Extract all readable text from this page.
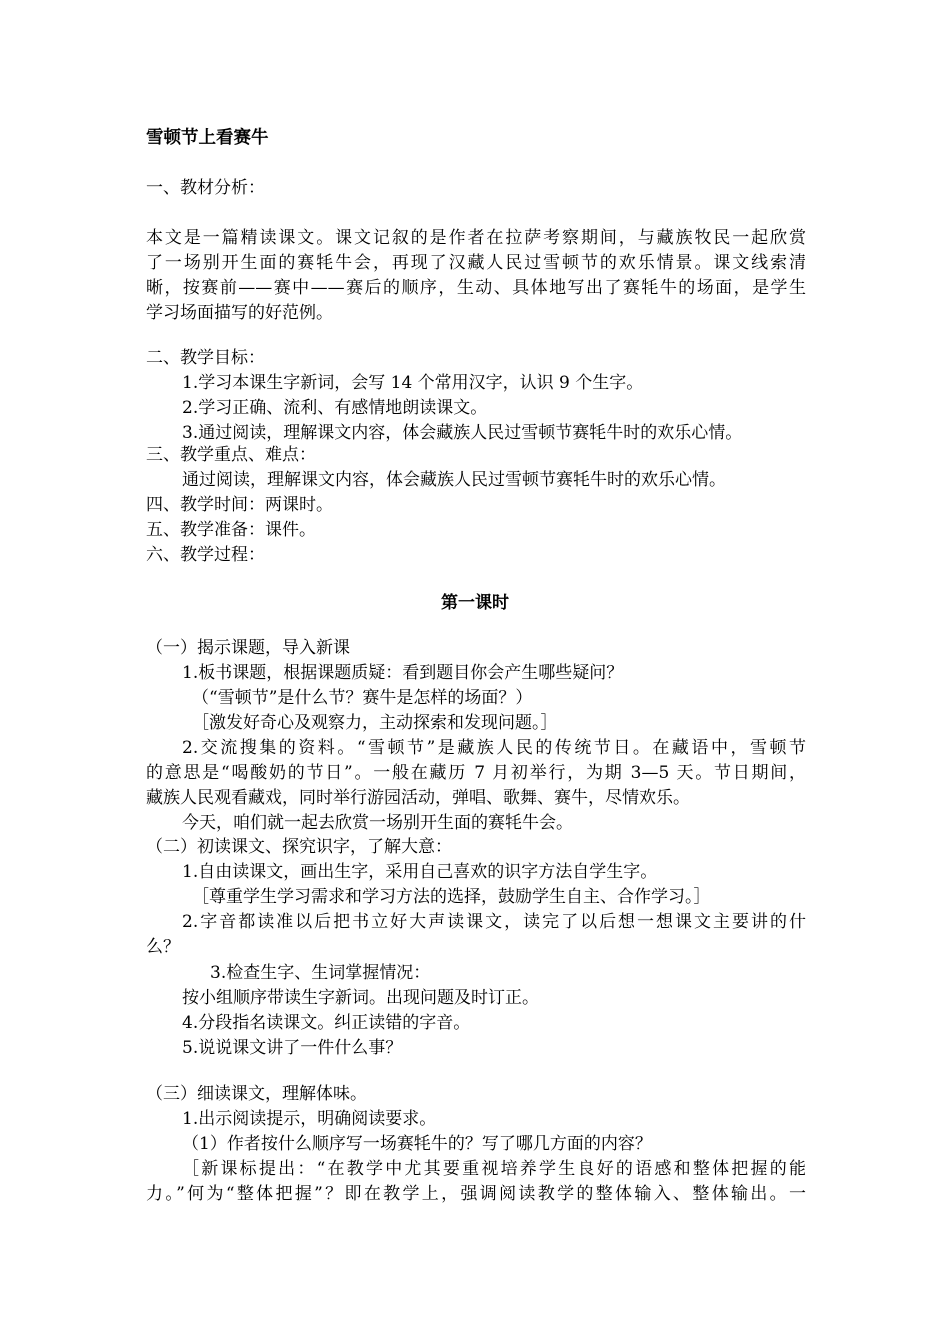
雪顿节上看赛牛
一、教材分析：
本文是一篇精读课文。课文记叙的是作者在拉萨考察期间，与藏族牧民一起欣赏
了一场别开生面的赛牦牛会，再现了汉藏人民过雪顿节的欢乐情景。课文线索清
晰，按赛前——赛中——赛后的顺序，生动、具体地写出了赛牦牛的场面，是学生
学习场面描写的好范例。
二、教学目标：
1.学习本课生字新词，会写 14 个常用汉字，认识 9 个生字。
2.学习正确、流利、有感情地朗读课文。
3.通过阅读，理解课文内容，体会藏族人民过雪顿节赛牦牛时的欢乐心情。
三、教学重点、难点：
通过阅读，理解课文内容，体会藏族人民过雪顿节赛牦牛时的欢乐心情。
四、教学时间：两课时。
五、教学准备：课件。
六、教学过程：
第一课时
（一）揭示课题，导入新课
1.板书课题，根据课题质疑：看到题目你会产生哪些疑问？
（“雪顿节”是什么节？赛牛是怎样的场面？）
［激发好奇心及观察力，主动探索和发现问题。］
2.交流搜集的资料。“雪顿节”是藏族人民的传统节日。在藏语中，雪顿节
的意思是“喝酸奶的节日”。一般在藏历 7 月初举行，为期 3—5 天。节日期间，
藏族人民观看藏戏，同时举行游园活动，弹唱、歌舞、赛牛，尽情欢乐。
今天，咱们就一起去欣赏一场别开生面的赛牦牛会。
（二）初读课文、探究识字，了解大意：
1.自由读课文，画出生字，采用自己喜欢的识字方法自学生字。
［尊重学生学习需求和学习方法的选择，鼓励学生自主、合作学习。］
2.字音都读准以后把书立好大声读课文，读完了以后想一想课文主要讲的什
么？
3.检查生字、生词掌握情况：
按小组顺序带读生字新词。出现问题及时订正。
4.分段指名读课文。纠正读错的字音。
5.说说课文讲了一件什么事？
（三）细读课文，理解体味。
1.出示阅读提示，明确阅读要求。
（1）作者按什么顺序写一场赛牦牛的？写了哪几方面的内容？
［新课标提出：“在教学中尤其要重视培养学生良好的语感和整体把握的能
力。”何为“整体把握”？即在教学上，强调阅读教学的整体输入、整体输出。一
